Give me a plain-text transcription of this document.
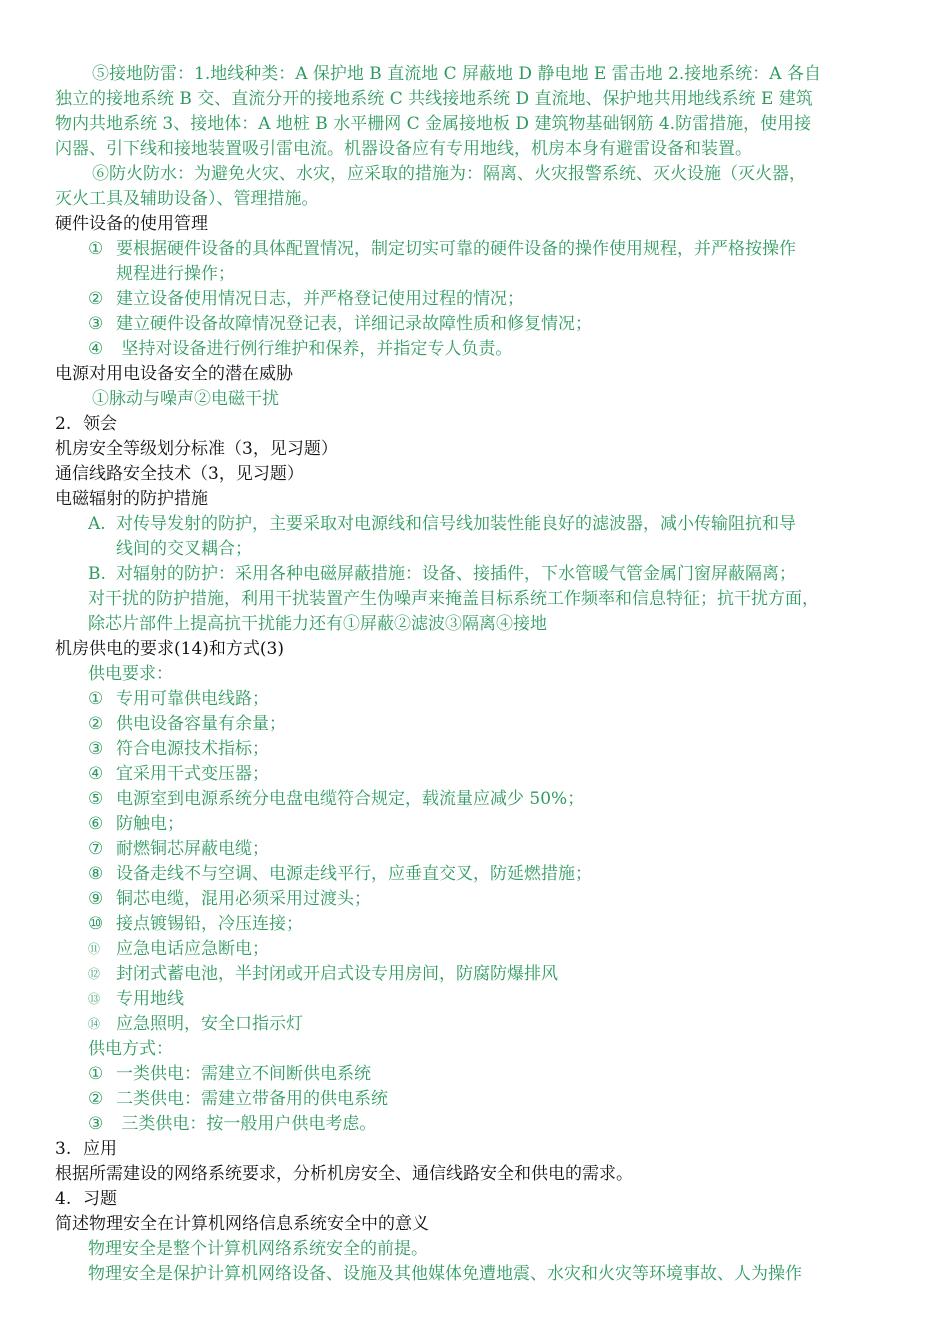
⑤接地防雷：1.地线种类：A 保护地 B 直流地 C 屏蔽地 D 静电地 E 雷击地 2.接地系统：A 各自
独立的接地系统 B 交、直流分开的接地系统 C 共线接地系统 D 直流地、保护地共用地线系统 E 建筑
物内共地系统 3、接地体：A 地桩 B 水平栅网 C 金属接地板 D 建筑物基础钢筋 4.防雷措施，使用接
闪器、引下线和接地装置吸引雷电流。机器设备应有专用地线，机房本身有避雷设备和装置。
⑥防火防水：为避免火灾、水灾，应采取的措施为：隔离、火灾报警系统、灭火设施（灭火器，
灭火工具及辅助设备）、管理措施。
硬件设备的使用管理
① 要根据硬件设备的具体配置情况，制定切实可靠的硬件设备的操作使用规程，并严格按操作
规程进行操作；
② 建立设备使用情况日志，并严格登记使用过程的情况；
③ 建立硬件设备故障情况登记表，详细记录故障性质和修复情况；
④ 坚持对设备进行例行维护和保养，并指定专人负责。
电源对用电设备安全的潜在威胁
①脉动与噪声②电磁干扰
2. 领会
机房安全等级划分标准（3，见习题）
通信线路安全技术（3，见习题）
电磁辐射的防护措施
A. 对传导发射的防护，主要采取对电源线和信号线加装性能良好的滤波器，减小传输阻抗和导
线间的交叉耦合；
B. 对辐射的防护：采用各种电磁屏蔽措施：设备、接插件，下水管暖气管金属门窗屏蔽隔离；
对干扰的防护措施，利用干扰装置产生伪噪声来掩盖目标系统工作频率和信息特征；抗干扰方面，
除芯片部件上提高抗干扰能力还有①屏蔽②滤波③隔离④接地
机房供电的要求(14)和方式(3)
供电要求：
① 专用可靠供电线路；
② 供电设备容量有余量；
③ 符合电源技术指标；
④ 宜采用干式变压器；
⑤ 电源室到电源系统分电盘电缆符合规定，载流量应减少 50%；
⑥ 防触电；
⑦ 耐燃铜芯屏蔽电缆；
⑧ 设备走线不与空调、电源走线平行，应垂直交叉，防延燃措施；
⑨ 铜芯电缆，混用必须采用过渡头；
⑩ 接点镀锡铅，冷压连接；
⑪ 应急电话应急断电；
⑫ 封闭式蓄电池，半封闭或开启式设专用房间，防腐防爆排风
⑬ 专用地线
⑭ 应急照明，安全口指示灯
供电方式：
① 一类供电：需建立不间断供电系统
② 二类供电：需建立带备用的供电系统
③ 三类供电：按一般用户供电考虑。
3. 应用
根据所需建设的网络系统要求，分析机房安全、通信线路安全和供电的需求。
4. 习题
简述物理安全在计算机网络信息系统安全中的意义
物理安全是整个计算机网络系统安全的前提。
物理安全是保护计算机网络设备、设施及其他媒体免遭地震、水灾和火灾等环境事故、人为操作
